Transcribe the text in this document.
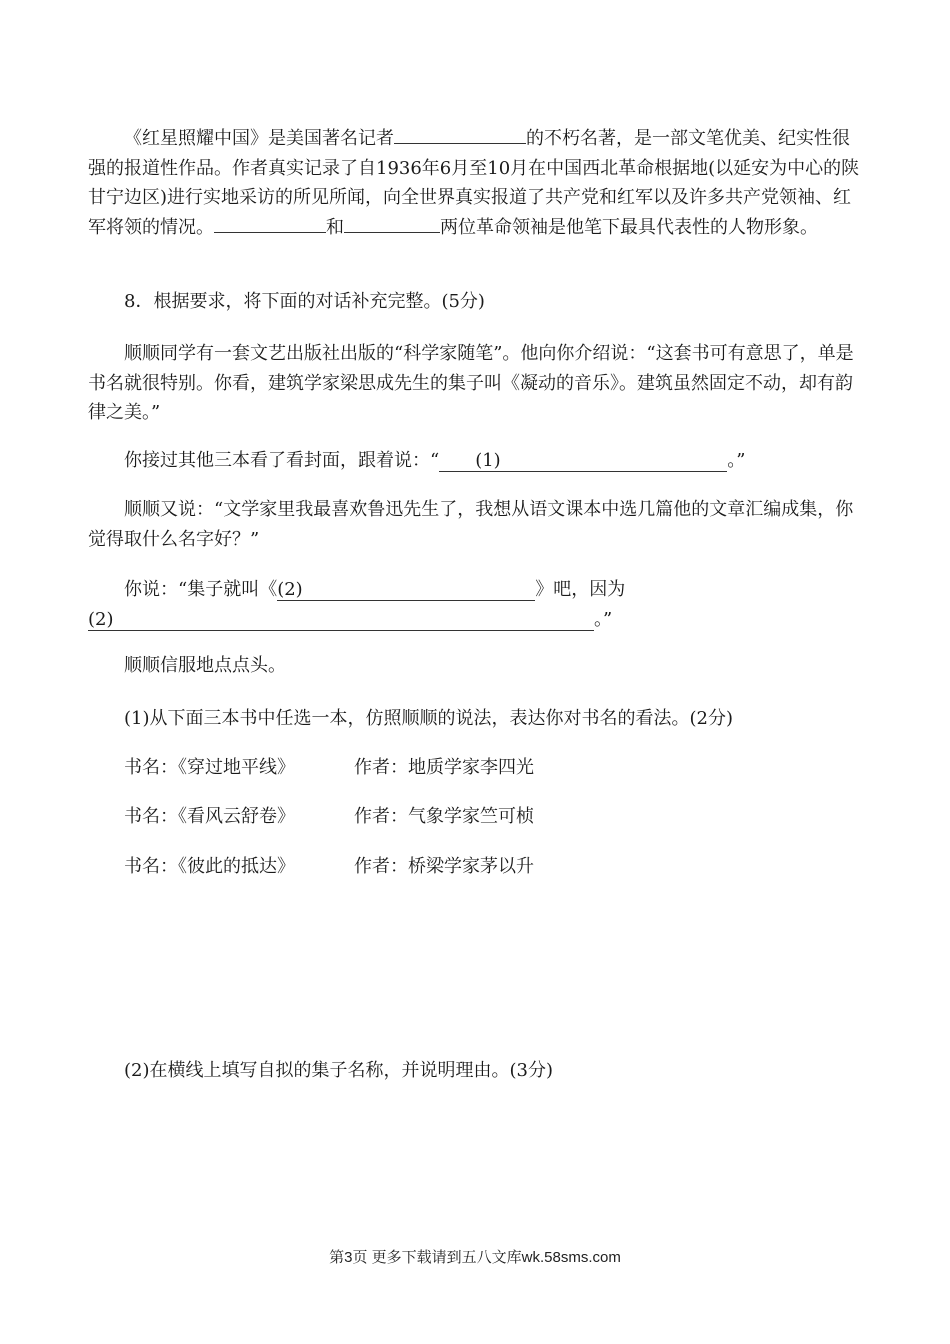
《红星照耀中国》是美国著名记者	的不朽名著，是一部文笔优美、纪实性很强的报道性作品。作者真实记录了自1936年6月至10月在中国西北革命根据地(以延安为中心的陕甘宁边区)进行实地采访的所见所闻，向全世界真实报道了共产党和红军以及许多共产党领袖、红军将领的情况。	和	两位革命领袖是他笔下最具代表性的人物形象。

8．根据要求，将下面的对话补充完整。(5分)

顺顺同学有一套文艺出版社出版的“科学家随笔”。他向你介绍说：“这套书可有意思了，单是书名就很特别。你看，建筑学家梁思成先生的集子叫《凝动的音乐》。建筑虽然固定不动，却有韵律之美。”

你接过其他三本看了看封面，跟着说：“ (1)	。”

顺顺又说：“文学家里我最喜欢鲁迅先生了，我想从语文课本中选几篇他的文章汇编成集，你觉得取什么名字好？”

你说：“集子就叫《(2)	》吧，因为
(2)	。”

顺顺信服地点点头。

(1)从下面三本书中任选一本，仿照顺顺的说法，表达你对书名的看法。(2分)

书名：《穿过地平线》	作者：地质学家李四光
书名：《看风云舒卷》	作者：气象学家竺可桢
书名：《彼此的抵达》	作者：桥梁学家茅以升

(2)在横线上填写自拟的集子名称，并说明理由。(3分)

第3页 更多下载请到五八文库wk.58sms.com
